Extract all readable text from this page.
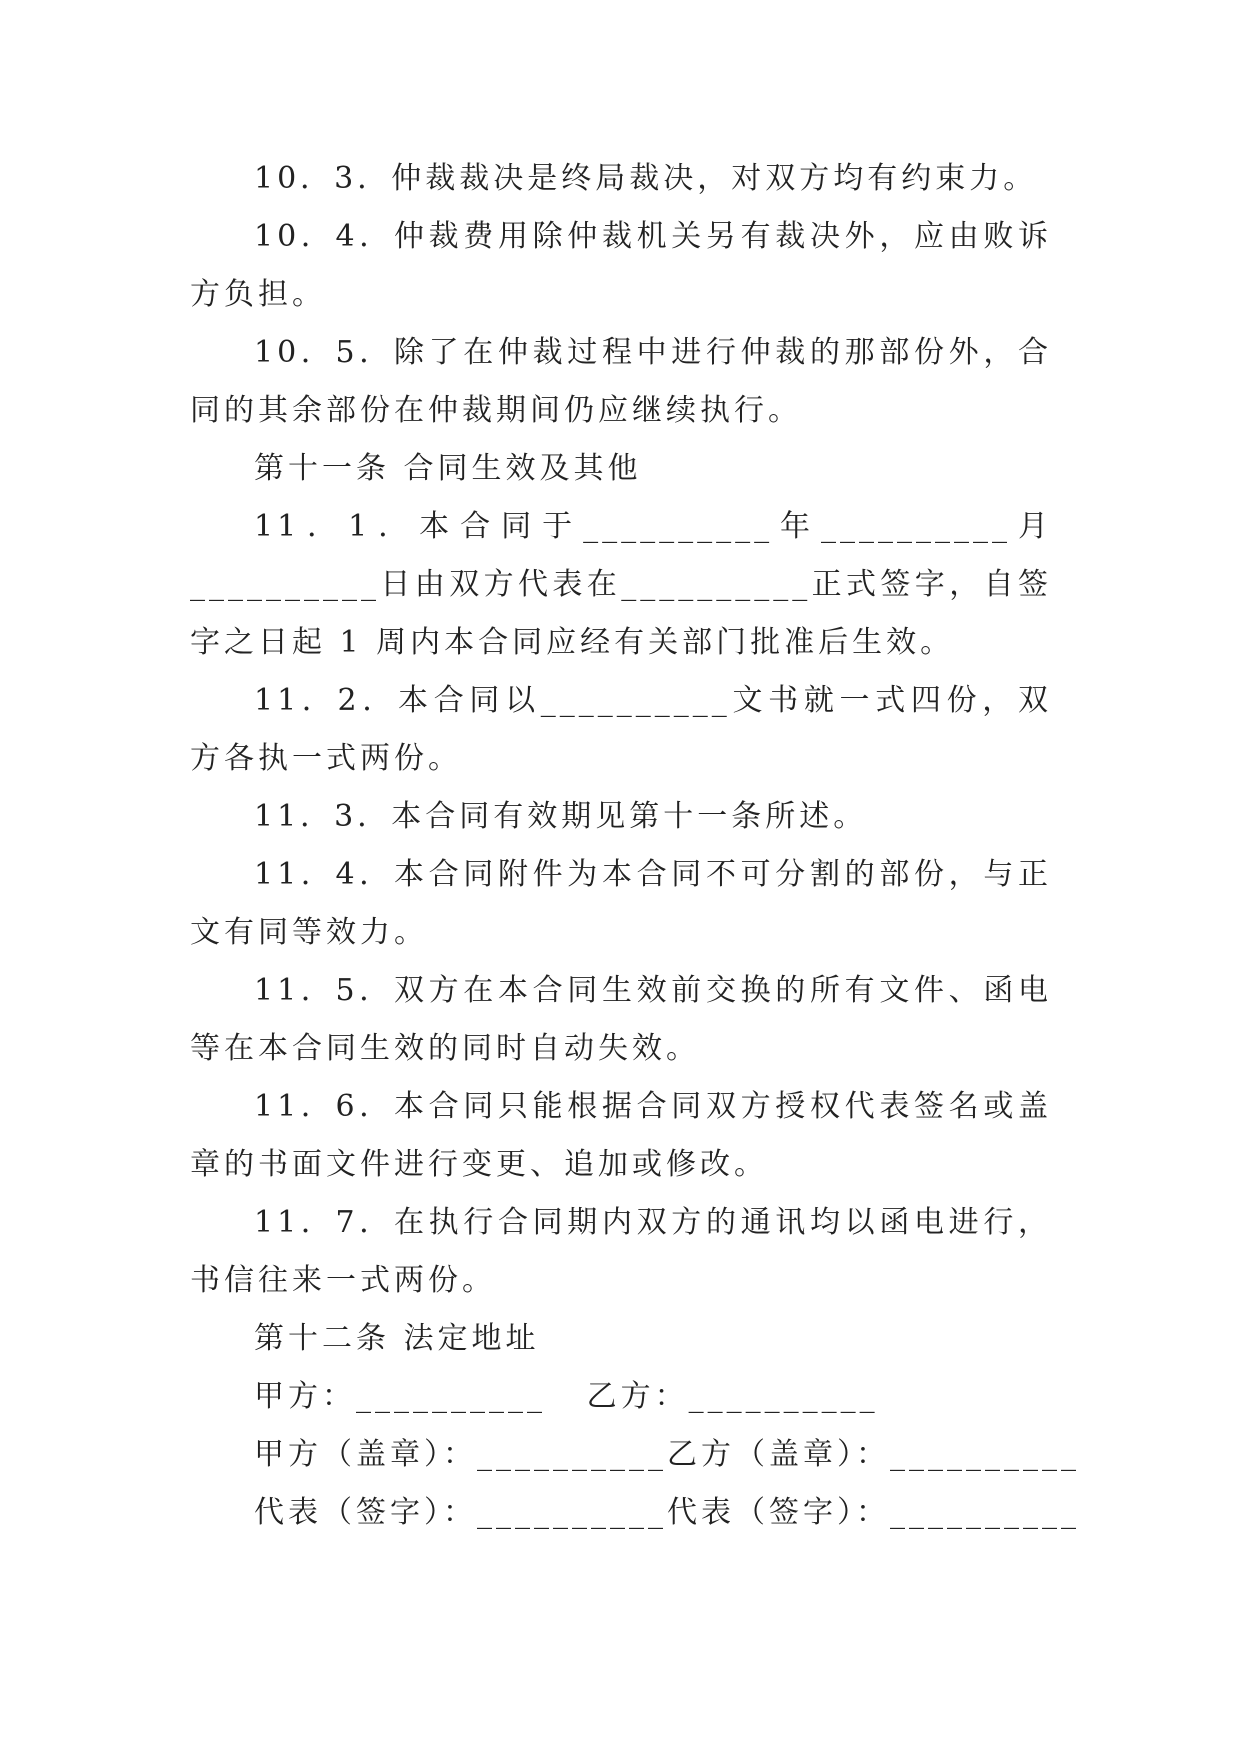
10．3．仲裁裁决是终局裁决，对双方均有约束力。

10．4．仲裁费用除仲裁机关另有裁决外，应由败诉方负担。

10．5．除了在仲裁过程中进行仲裁的那部份外，合同的其余部份在仲裁期间仍应继续执行。

第十一条 合同生效及其他

11．1．本合同于__________年__________月__________日由双方代表在__________正式签字，自签字之日起 1 周内本合同应经有关部门批准后生效。

11．2．本合同以__________文书就一式四份，双方各执一式两份。

11．3．本合同有效期见第十一条所述。

11．4．本合同附件为本合同不可分割的部份，与正文有同等效力。

11．5．双方在本合同生效前交换的所有文件、函电等在本合同生效的同时自动失效。

11．6．本合同只能根据合同双方授权代表签名或盖章的书面文件进行变更、追加或修改。

11．7．在执行合同期内双方的通讯均以函电进行，书信往来一式两份。

第十二条 法定地址

甲方：__________   乙方：__________

甲方（盖章）：__________乙方（盖章）：__________

代表（签字）：__________代表（签字）：__________
